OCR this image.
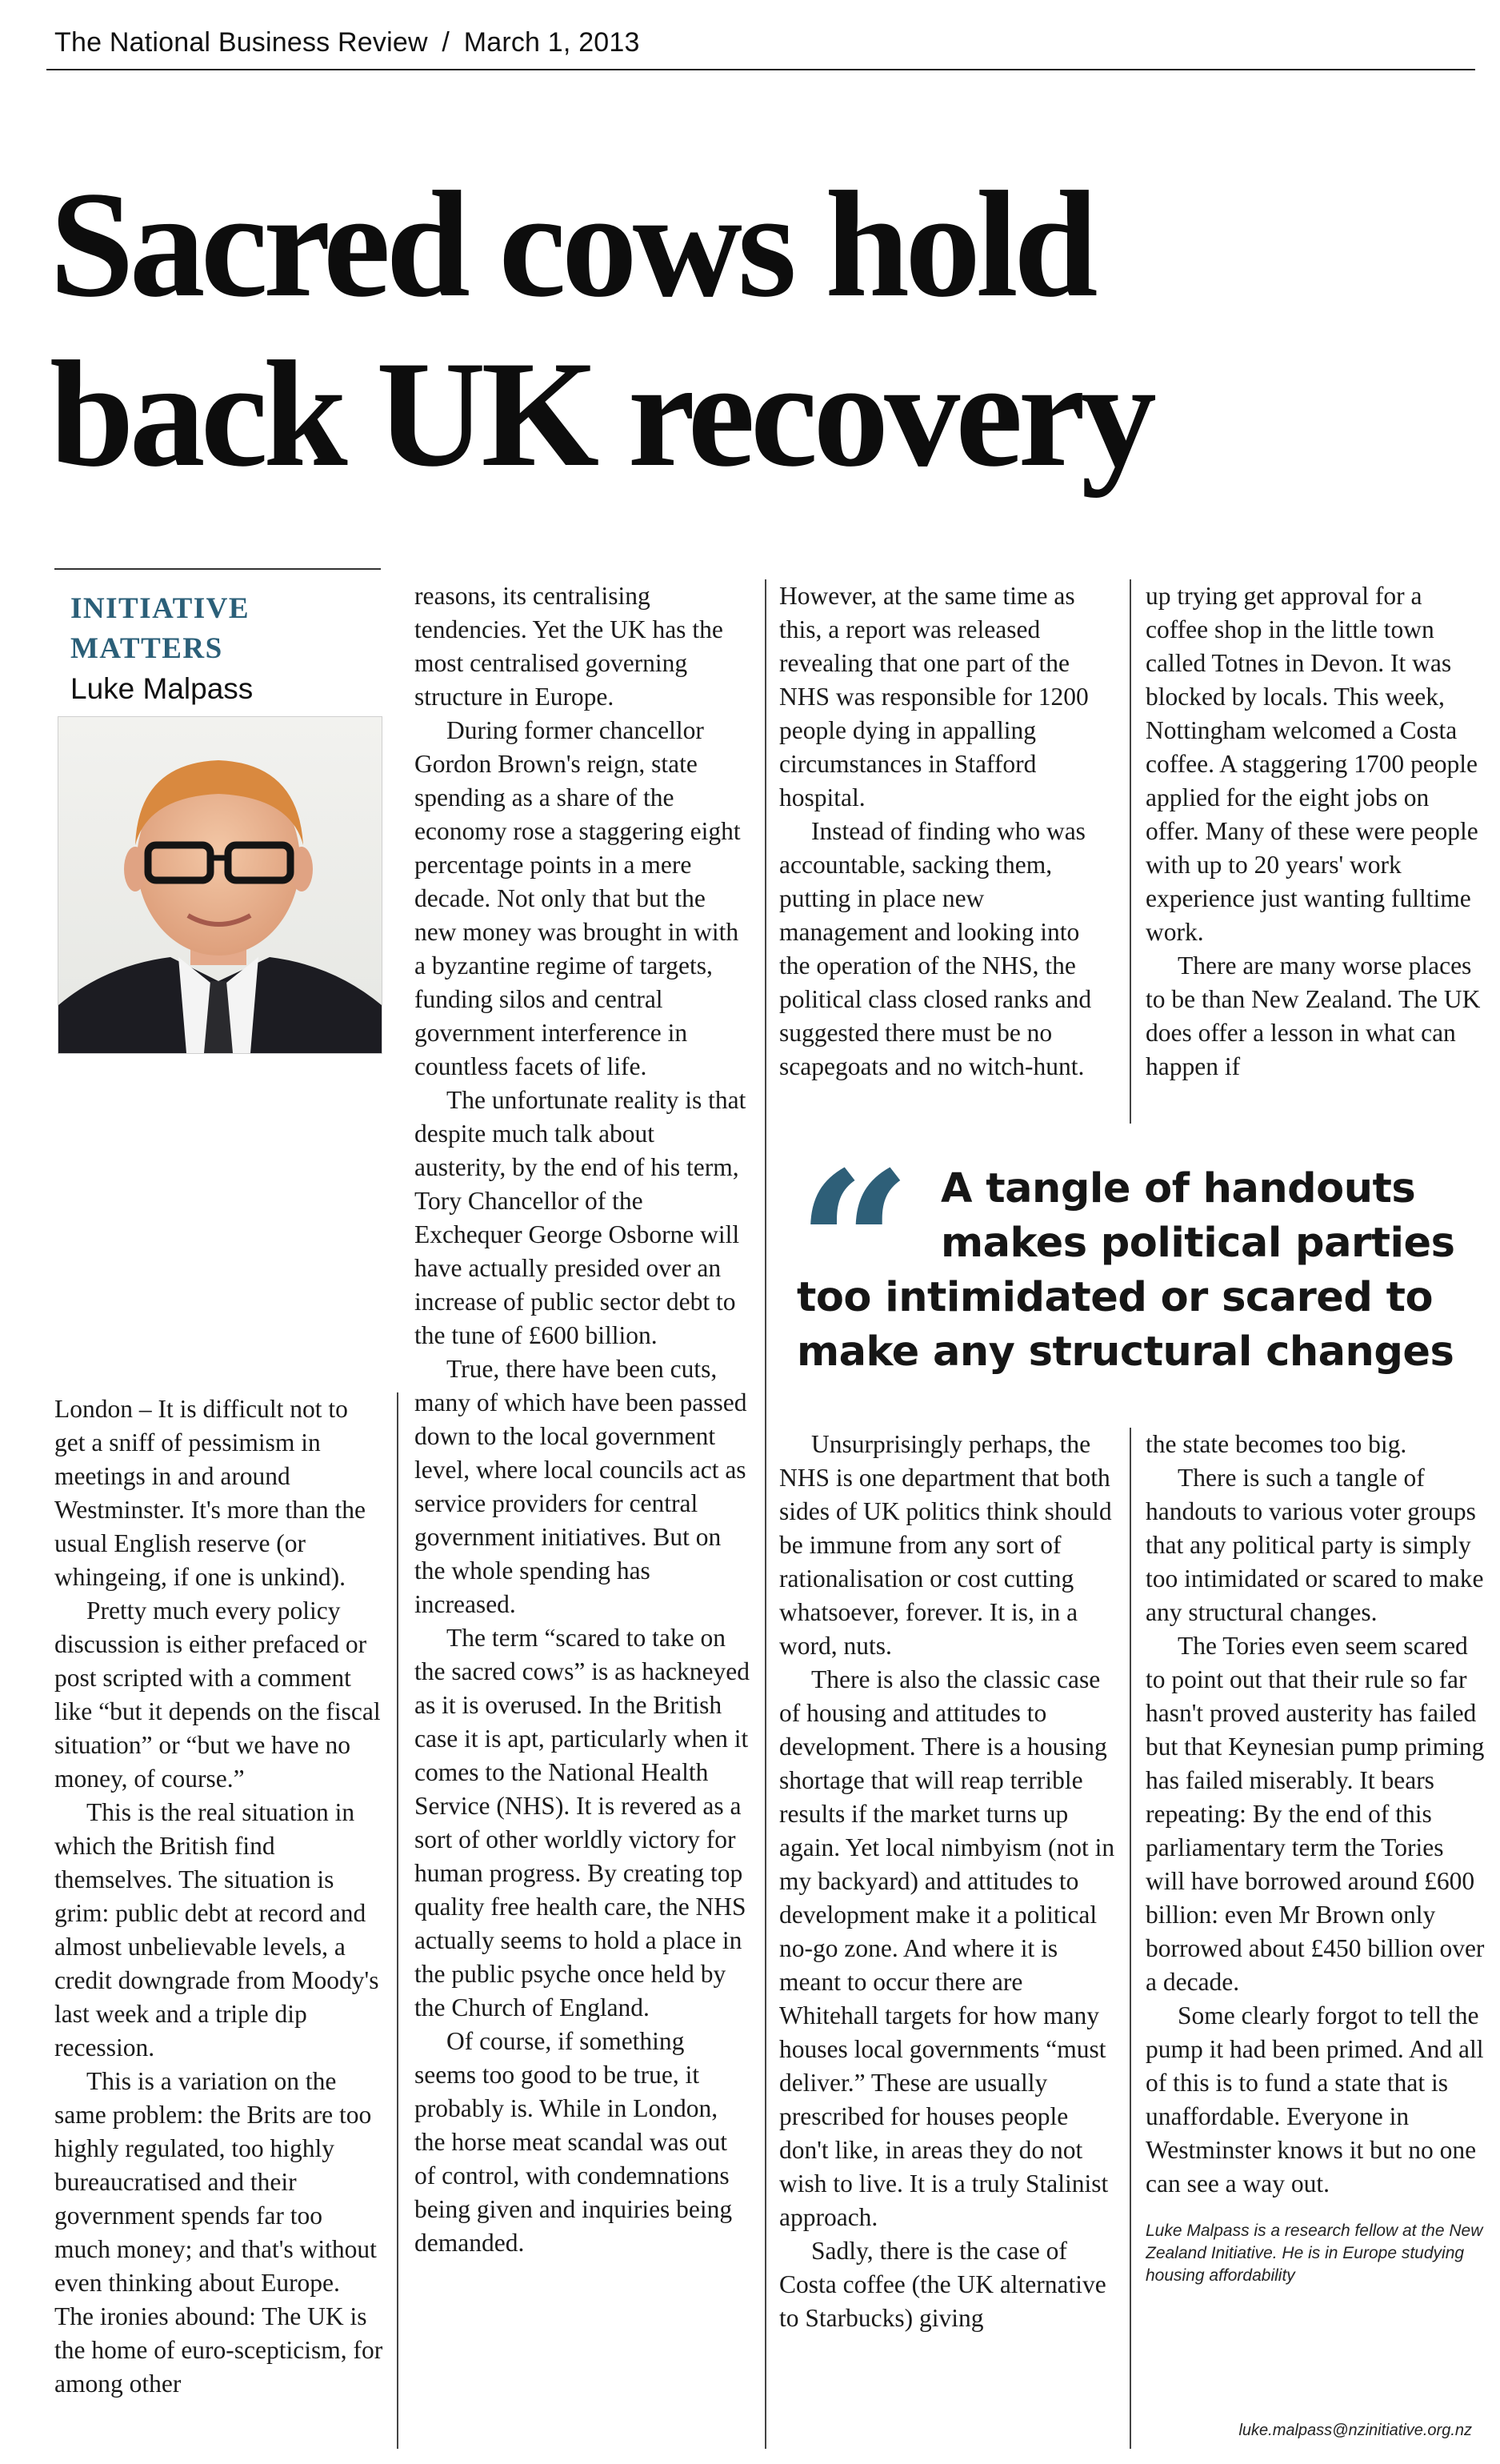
The National Business Review / March 1, 2013
Sacred cows hold
back UK recovery
INITIATIVE
MATTERS
Luke Malpass

London – It is difficult not to get a sniff of pessimism in meetings in and around Westminster. It's more than the usual English reserve (or whingeing, if one is unkind).

Pretty much every policy discussion is either prefaced or post scripted with a comment like “but it depends on the fiscal situation” or “but we have no money, of course.”

This is the real situation in which the British find themselves. The situation is grim: public debt at record and almost unbelievable levels, a credit downgrade from Moody's last week and a triple dip recession.

This is a variation on the same problem: the Brits are too highly regulated, too highly bureaucratised and their government spends far too much money; and that's without even thinking about Europe. The ironies abound: The UK is the home of euro-scepticism, for among other

reasons, its centralising tendencies. Yet the UK has the most centralised governing structure in Europe.

During former chancellor Gordon Brown's reign, state spending as a share of the economy rose a staggering eight percentage points in a mere decade. Not only that but the new money was brought in with a byzantine regime of targets, funding silos and central government interference in countless facets of life.

The unfortunate reality is that despite much talk about austerity, by the end of his term, Tory Chancellor of the Exchequer George Osborne will have actually presided over an increase of public sector debt to the tune of £600 billion.

True, there have been cuts, many of which have been passed down to the local government level, where local councils act as service providers for central government initiatives. But on the whole spending has increased.

The term “scared to take on the sacred cows” is as hackneyed as it is overused. In the British case it is apt, particularly when it comes to the National Health Service (NHS). It is revered as a sort of other worldly victory for human progress. By creating top quality free health care, the NHS actually seems to hold a place in the public psyche once held by the Church of England.

Of course, if something seems too good to be true, it probably is. While in London, the horse meat scandal was out of control, with condemnations being given and inquiries being demanded.

However, at the same time as this, a report was released revealing that one part of the NHS was responsible for 1200 people dying in appalling circumstances in Stafford hospital.

Instead of finding who was accountable, sacking them, putting in place new management and looking into the operation of the NHS, the political class closed ranks and suggested there must be no scapegoats and no witch-hunt.

up trying get approval for a coffee shop in the little town called Totnes in Devon. It was blocked by locals. This week, Nottingham welcomed a Costa coffee. A staggering 1700 people applied for the eight jobs on offer. Many of these were people with up to 20 years' work experience just wanting fulltime work.

There are many worse places to be than New Zealand. The UK does offer a lesson in what can happen if

“ A tangle of handouts
makes political parties
too intimidated or scared to
make any structural changes

Unsurprisingly perhaps, the NHS is one department that both sides of UK politics think should be immune from any sort of rationalisation or cost cutting whatsoever, forever. It is, in a word, nuts.

There is also the classic case of housing and attitudes to development. There is a housing shortage that will reap terrible results if the market turns up again. Yet local nimbyism (not in my backyard) and attitudes to development make it a political no-go zone. And where it is meant to occur there are Whitehall targets for how many houses local governments “must deliver.” These are usually prescribed for houses people don't like, in areas they do not wish to live. It is a truly Stalinist approach.

Sadly, there is the case of Costa coffee (the UK alternative to Starbucks) giving

the state becomes too big.

There is such a tangle of handouts to various voter groups that any political party is simply too intimidated or scared to make any structural changes.

The Tories even seem scared to point out that their rule so far hasn't proved austerity has failed but that Keynesian pump priming has failed miserably. It bears repeating: By the end of this parliamentary term the Tories will have borrowed around £600 billion: even Mr Brown only borrowed about £450 billion over a decade.

Some clearly forgot to tell the pump it had been primed. And all of this is to fund a state that is unaffordable. Everyone in Westminster knows it but no one can see a way out.

Luke Malpass is a research fellow at the New Zealand Initiative. He is in Europe studying housing affordability
luke.malpass@nzinitiative.org.nz
